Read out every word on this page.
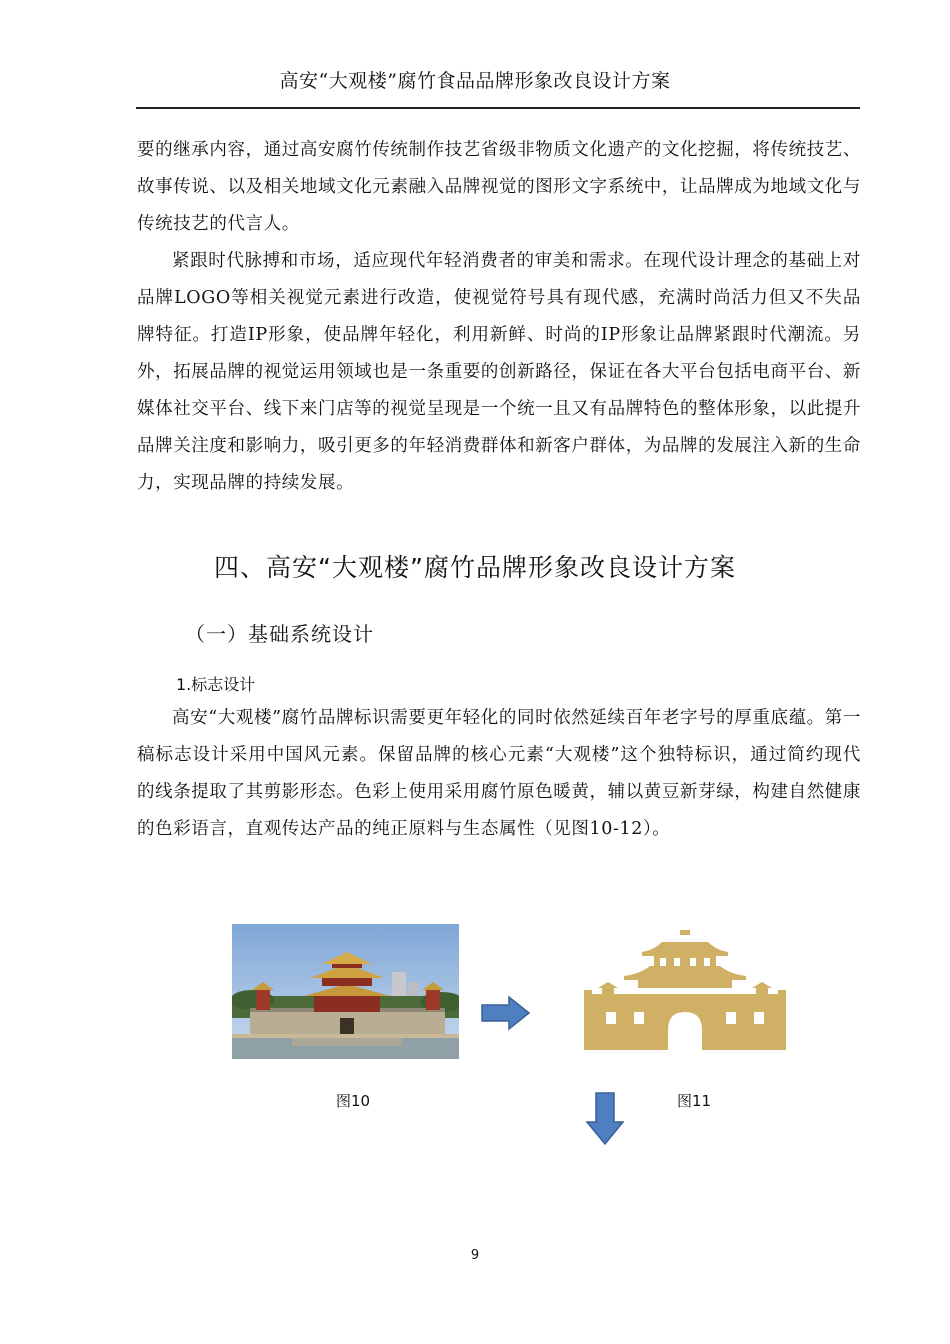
高安“大观楼”腐竹食品品牌形象改良设计方案

要的继承内容，通过高安腐竹传统制作技艺省级非物质文化遗产的文化挖掘，将传统技艺、故事传说、以及相关地域文化元素融入品牌视觉的图形文字系统中，让品牌成为地域文化与传统技艺的代言人。

紧跟时代脉搏和市场，适应现代年轻消费者的审美和需求。在现代设计理念的基础上对品牌LOGO等相关视觉元素进行改造，使视觉符号具有现代感，充满时尚活力但又不失品牌特征。打造IP形象，使品牌年轻化，利用新鲜、时尚的IP形象让品牌紧跟时代潮流。另外，拓展品牌的视觉运用领域也是一条重要的创新路径，保证在各大平台包括电商平台、新媒体社交平台、线下来门店等的视觉呈现是一个统一且又有品牌特色的整体形象，以此提升品牌关注度和影响力，吸引更多的年轻消费群体和新客户群体，为品牌的发展注入新的生命力，实现品牌的持续发展。

四、高安“大观楼”腐竹品牌形象改良设计方案
（一）基础系统设计
1.标志设计

高安“大观楼”腐竹品牌标识需要更年轻化的同时依然延续百年老字号的厚重底蕴。第一稿标志设计采用中国风元素。保留品牌的核心元素“大观楼”这个独特标识，通过简约现代的线条提取了其剪影形态。色彩上使用采用腐竹原色暖黄，辅以黄豆新芽绿，构建自然健康的色彩语言，直观传达产品的纯正原料与生态属性（见图10-12）。

图10	图11
9
